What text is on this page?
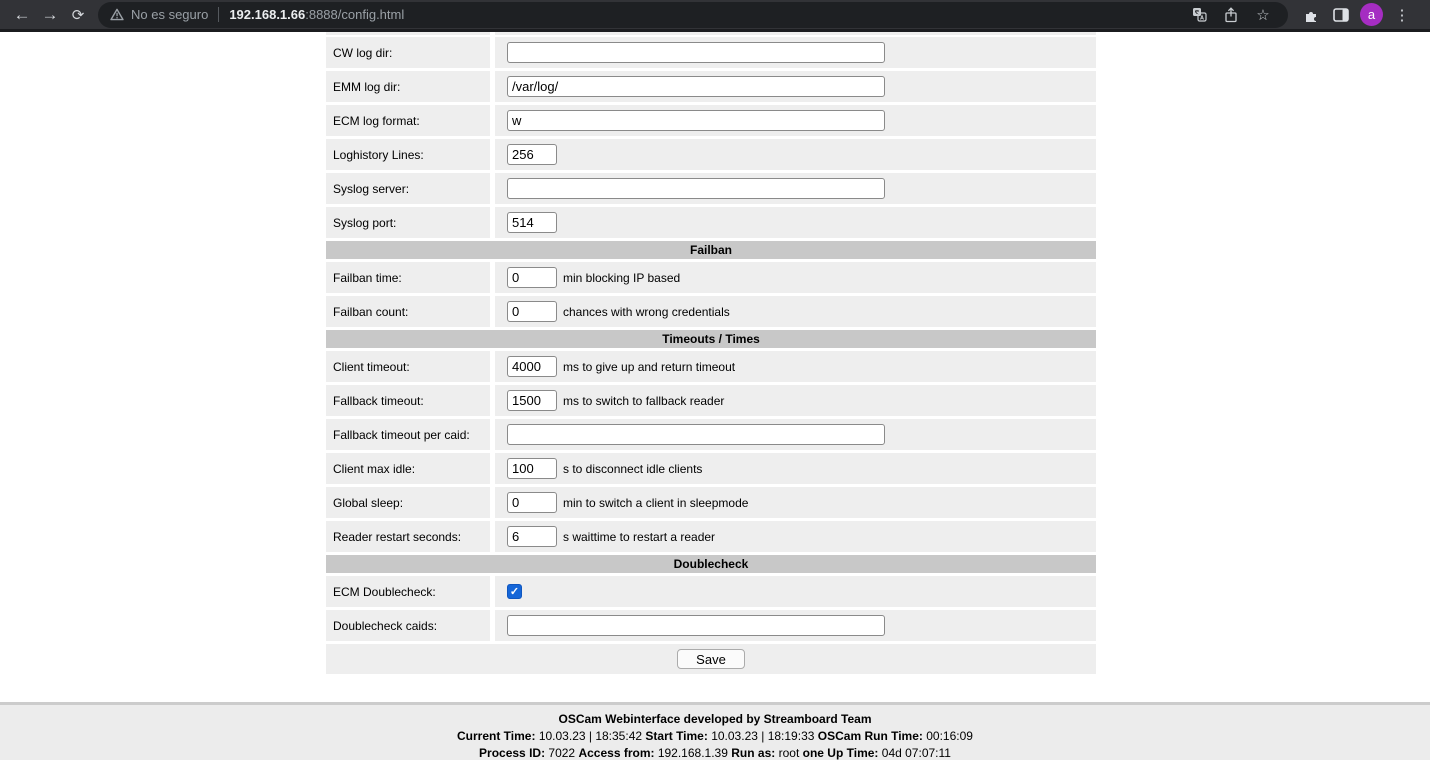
← → ⟳	No es seguro 192.168.1.66:8888/config.html	☆	a	⋮
CW log dir:
EMM log dir:
/var/log/
ECM log format:
w
Loghistory Lines:
256
Syslog server:
Syslog port:
514
Failban
Failban time:
0	min blocking IP based
Failban count:
0	chances with wrong credentials
Timeouts / Times
Client timeout:
4000	ms to give up and return timeout
Fallback timeout:
1500	ms to switch to fallback reader
Fallback timeout per caid:
Client max idle:
100	s to disconnect idle clients
Global sleep:
0	min to switch a client in sleepmode
Reader restart seconds:
6	s waittime to restart a reader
Doublecheck
ECM Doublecheck:	✓
Doublecheck caids:
Save
OSCam Webinterface developed by Streamboard Team
Current Time: 10.03.23 | 18:35:42 Start Time: 10.03.23 | 18:19:33 OSCam Run Time: 00:16:09
Process ID: 7022 Access from: 192.168.1.39 Run as: root one Up Time: 04d 07:07:11
